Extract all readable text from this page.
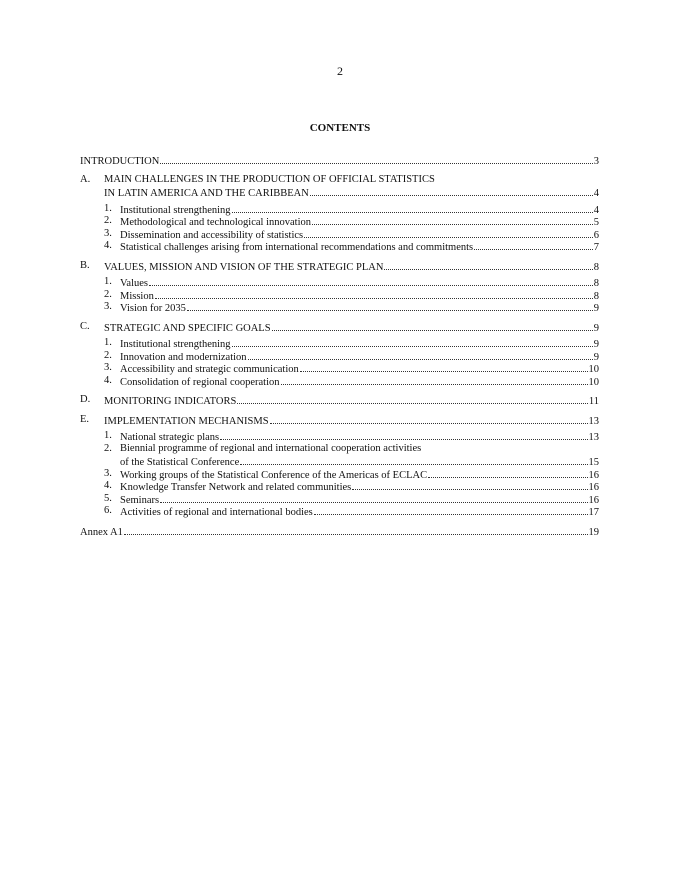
2
CONTENTS
INTRODUCTION	3
A. MAIN CHALLENGES IN THE PRODUCTION OF OFFICIAL STATISTICS
IN LATIN AMERICA AND THE CARIBBEAN	4
1. Institutional strengthening	4
2. Methodological and technological innovation	5
3. Dissemination and accessibility of statistics	6
4. Statistical challenges arising from international recommendations and commitments	7
B. VALUES, MISSION AND VISION OF THE STRATEGIC PLAN	8
1. Values	8
2. Mission	8
3. Vision for 2035	9
C. STRATEGIC AND SPECIFIC GOALS	9
1. Institutional strengthening	9
2. Innovation and modernization	9
3. Accessibility and strategic communication	10
4. Consolidation of regional cooperation	10
D. MONITORING INDICATORS	11
E. IMPLEMENTATION MECHANISMS	13
1. National strategic plans	13
2. Biennial programme of regional and international cooperation activities
of the Statistical Conference	15
3. Working groups of the Statistical Conference of the Americas of ECLAC	16
4. Knowledge Transfer Network and related communities	16
5. Seminars	16
6. Activities of regional and international bodies	17
Annex A1	19
